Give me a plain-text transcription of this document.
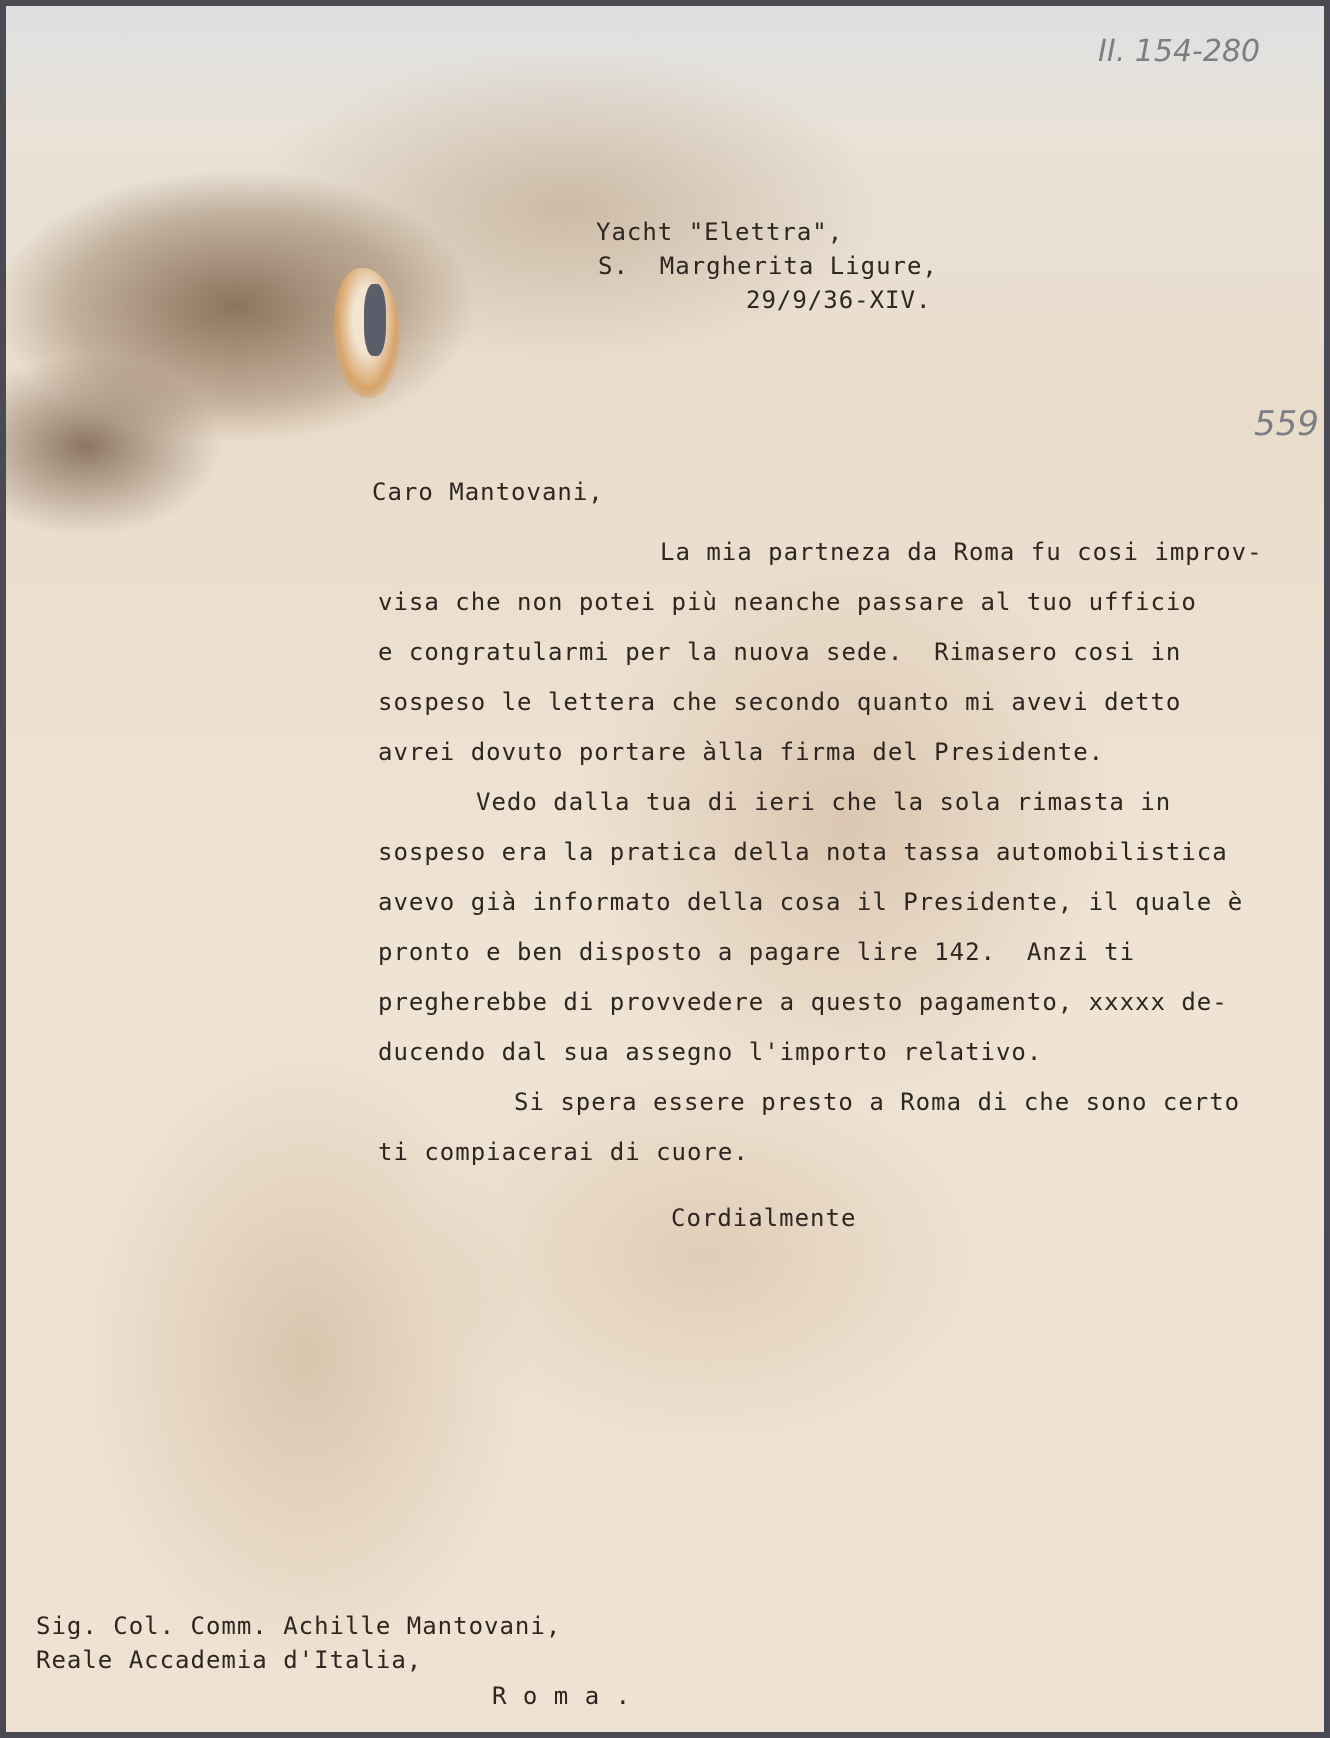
II. 154-280
559

Yacht "Elettra",

S.  Margherita Ligure,

29/9/36-XIV.

Caro Mantovani,

La mia partneza da Roma fu cosi improv-

visa che non potei più neanche passare al tuo ufficio

e congratularmi per la nuova sede.  Rimasero cosi in

sospeso le lettera che secondo quanto mi avevi detto

avrei dovuto portare àlla firma del Presidente.

Vedo dalla tua di ieri che la sola rimasta in

sospeso era la pratica della nota tassa automobilistica

avevo già informato della cosa il Presidente, il quale è

pronto e ben disposto a pagare lire 142.  Anzi ti

pregherebbe di provvedere a questo pagamento, xxxxx de-

ducendo dal sua assegno l'importo relativo.

Si spera essere presto a Roma di che sono certo

ti compiacerai di cuore.

Cordialmente

Sig. Col. Comm. Achille Mantovani,

Reale Accademia d'Italia,

R o m a .
